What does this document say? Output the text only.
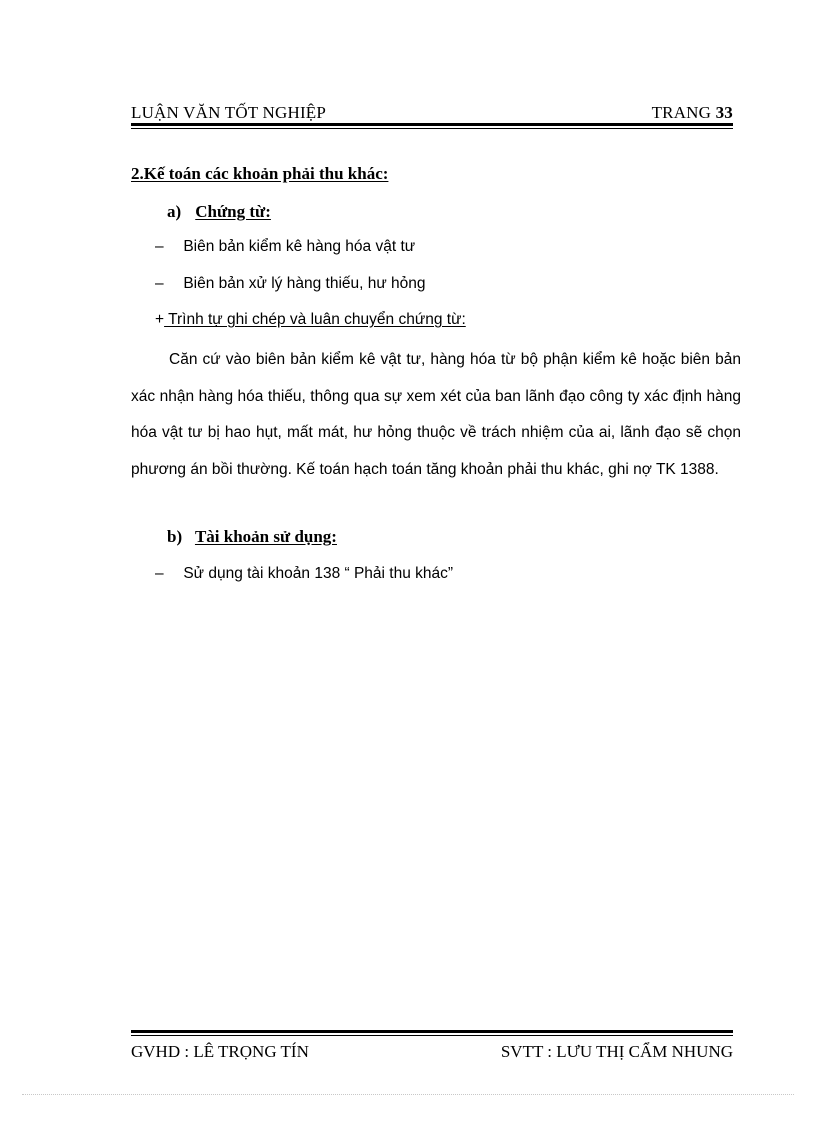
LUẬN VĂN TỐT NGHIỆP	TRANG 33
2.Kế toán các khoản phải thu khác:
a) Chứng từ:
– Biên bản kiểm kê hàng hóa vật tư
– Biên bản xử lý hàng thiếu, hư hỏng
+ Trình tự ghi chép và luân chuyển chứng từ:
Căn cứ vào biên bản kiểm kê vật tư, hàng hóa từ bộ phận kiểm kê hoặc biên bản xác nhận hàng hóa thiếu, thông qua sự xem xét của ban lãnh đạo công ty xác định hàng hóa vật tư bị hao hụt, mất mát, hư hỏng thuộc về trách nhiệm của ai, lãnh đạo sẽ chọn phương án bồi thường. Kế toán hạch toán tăng khoản phải thu khác, ghi nợ TK 1388.
b) Tài khoản sử dụng:
– Sử dụng tài khoản 138 “ Phải thu khác”
GVHD : LÊ TRỌNG TÍN	SVTT : LƯU THỊ CẨM NHUNG
